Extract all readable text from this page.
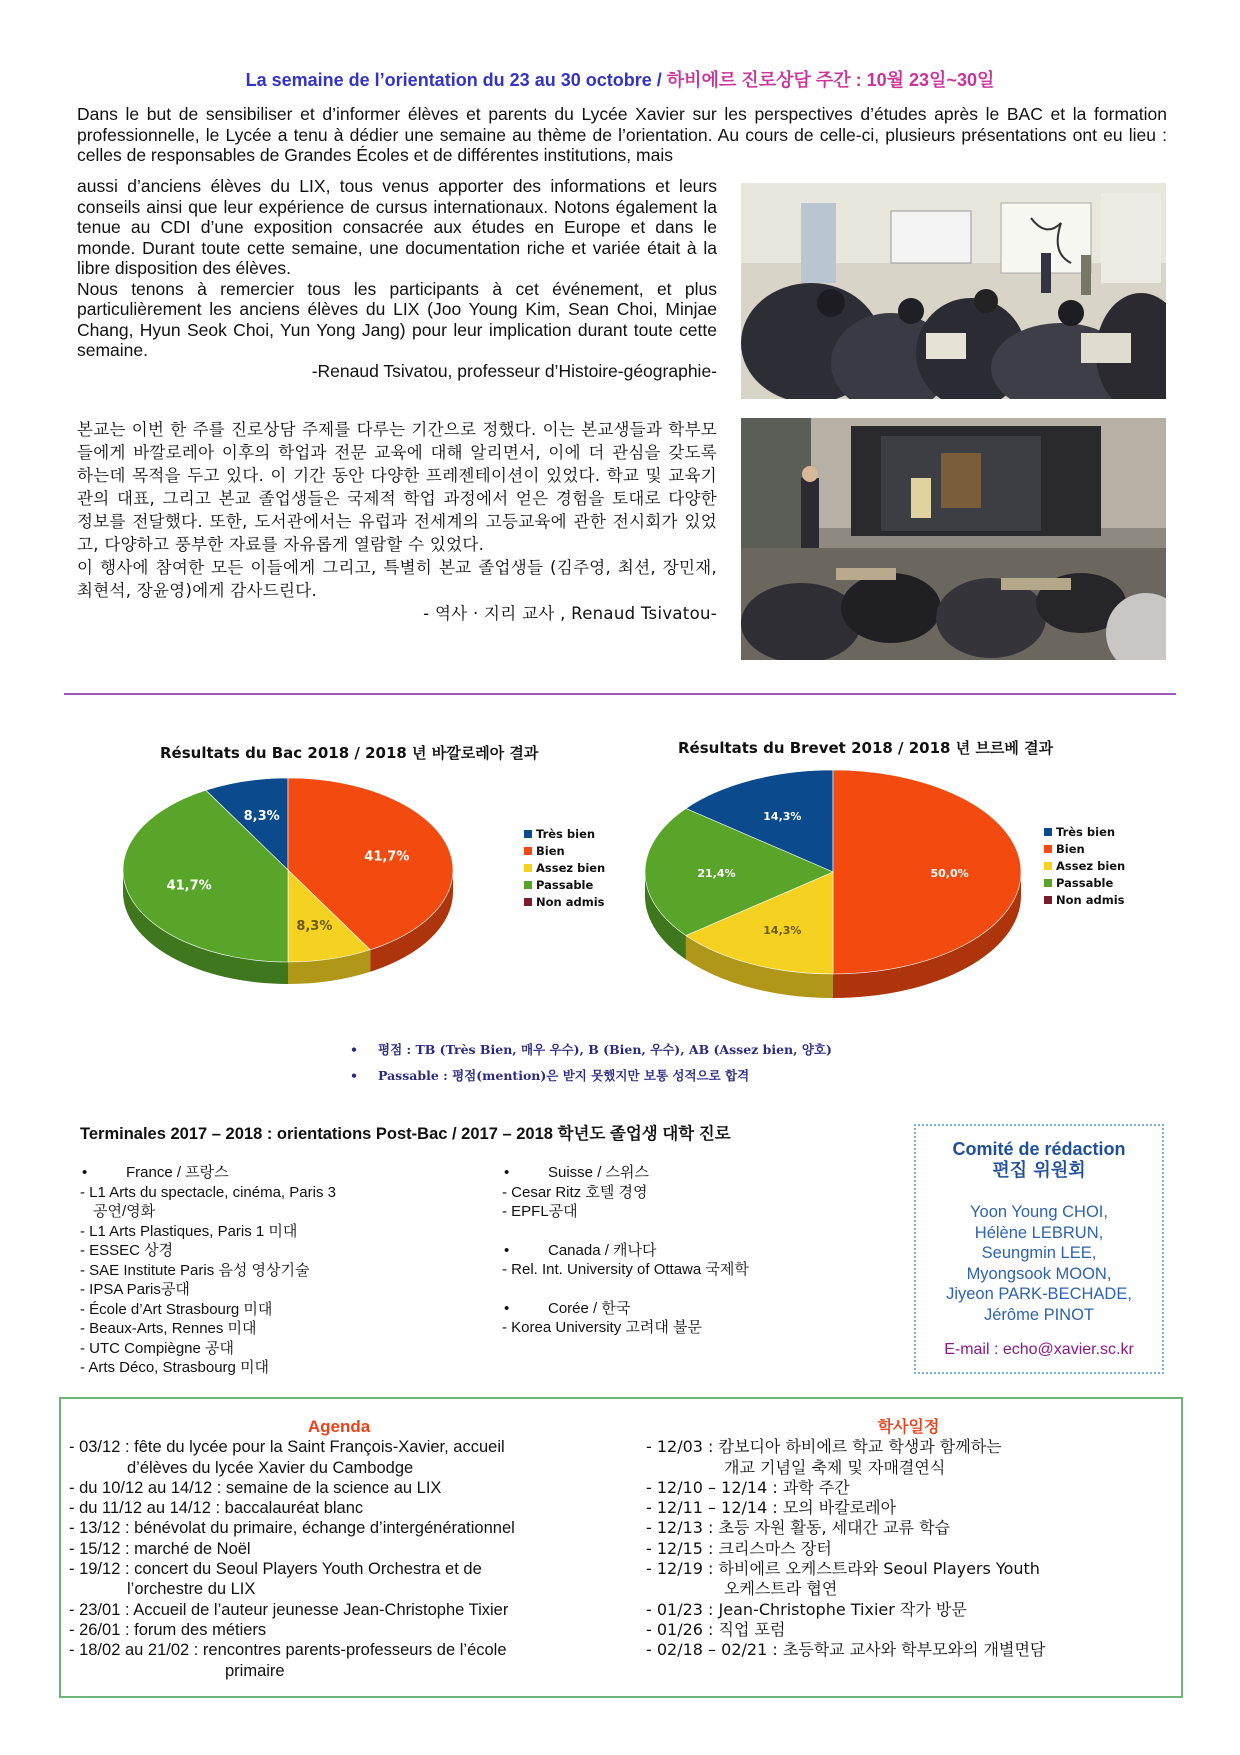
La semaine de l’orientation du 23 au 30 octobre / 하비에르 진로상담 주간 : 10월 23일~30일

Dans le but de sensibiliser et d’informer élèves et parents du Lycée Xavier sur les perspectives d’études après le BAC et la formation professionnelle, le Lycée a tenu à dédier une semaine au thème de l’orientation. Au cours de celle-ci, plusieurs présentations ont eu lieu : celles de responsables de Grandes Écoles et de différentes institutions, mais

aussi d’anciens élèves du LIX, tous venus apporter des informations et leurs conseils ainsi que leur expérience de cursus internationaux. Notons également la tenue au CDI d’une exposition consacrée aux études en Europe et dans le monde. Durant toute cette semaine, une documentation riche et variée était à la libre disposition des élèves.

Nous tenons à remercier tous les participants à cet événement, et plus particulièrement les anciens élèves du LIX (Joo Young Kim, Sean Choi, Minjae Chang, Hyun Seok Choi, Yun Yong Jang) pour leur implication durant toute cette semaine.

-Renaud Tsivatou, professeur d’Histoire-géographie-

본교는 이번 한 주를 진로상담 주제를 다루는 기간으로 정했다. 이는 본교생들과 학부모들에게 바깔로레아 이후의 학업과 전문 교육에 대해 알리면서, 이에 더 관심을 갖도록 하는데 목적을 두고 있다. 이 기간 동안 다양한 프레젠테이션이 있었다. 학교 및 교육기관의 대표, 그리고 본교 졸업생들은 국제적 학업 과정에서 얻은 경험을 토대로 다양한 정보를 전달했다. 또한, 도서관에서는 유럽과 전세계의 고등교육에 관한 전시회가 있었고, 다양하고 풍부한 자료를 자유롭게 열람할 수 있었다.

이 행사에 참여한 모든 이들에게 그리고, 특별히 본교 졸업생들 (김주영, 최션, 장민재, 최현석, 장윤영)에게 감사드린다.

- 역사 · 지리 교사 , Renaud Tsivatou-

Résultats du Bac 2018 / 2018 년 바깔로레아 결과
8,3%
41,7%
8,3%
41,7%
Très bien
Bien
Assez bien
Passable
Non admis
Résultats du Brevet 2018 / 2018 년 브르베 결과
14,3%
50,0%
14,3%
21,4%
Très bien
Bien
Assez bien
Passable
Non admis
• 평점 : TB (Très Bien, 매우 우수), B (Bien, 우수), AB (Assez bien, 양호)
• Passable : 평점(mention)은 받지 못했지만 보통 성적으로 합격
Terminales 2017 – 2018 : orientations Post-Bac / 2017 – 2018 학년도 졸업생 대학 진로
•	France / 프랑스
- L1 Arts du spectacle, cinéma, Paris 3
공연/영화
- L1 Arts Plastiques, Paris 1 미대
- ESSEC 상경
- SAE Institute Paris 음성 영상기술
- IPSA Paris공대
- École d’Art Strasbourg 미대
- Beaux-Arts, Rennes 미대
- UTC Compiègne 공대
- Arts Déco, Strasbourg 미대
•	Suisse / 스위스
- Cesar Ritz 호텔 경영
- EPFL공대
•	Canada / 캐나다
- Rel. Int. University of Ottawa 국제학
•	Corée / 한국
- Korea University 고려대 불문
Comité de rédaction
편집 위원회
Yoon Young CHOI,
Hélène LEBRUN,
Seungmin LEE,
Myongsook MOON,
Jiyeon PARK-BECHADE,
Jérôme PINOT
E-mail : echo@xavier.sc.kr
Agenda
- 03/12 : fête du lycée pour la Saint François-Xavier, accueil
d’élèves du lycée Xavier du Cambodge
- du 10/12 au 14/12 : semaine de la science au LIX
- du 11/12 au 14/12 : baccalauréat blanc
- 13/12 : bénévolat du primaire, échange d’intergénérationnel
- 15/12 : marché de Noël
- 19/12 : concert du Seoul Players Youth Orchestra et de
l’orchestre du LIX
- 23/01 : Accueil de l’auteur jeunesse Jean-Christophe Tixier
- 26/01 : forum des métiers
- 18/02 au 21/02 : rencontres parents-professeurs de l’école
primaire
학사일정
- 12/03 : 캄보디아 하비에르 학교 학생과 함께하는
개교 기념일 축제 및 자매결연식
- 12/10 – 12/14 : 과학 주간
- 12/11 – 12/14 : 모의 바칼로레아
- 12/13 : 초등 자원 활동, 세대간 교류 학습
- 12/15 : 크리스마스 장터
- 12/19 : 하비에르 오케스트라와 Seoul Players Youth
오케스트라 협연
- 01/23 : Jean-Christophe Tixier 작가 방문
- 01/26 : 직업 포럼
- 02/18 – 02/21 : 초등학교 교사와 학부모와의 개별면담
